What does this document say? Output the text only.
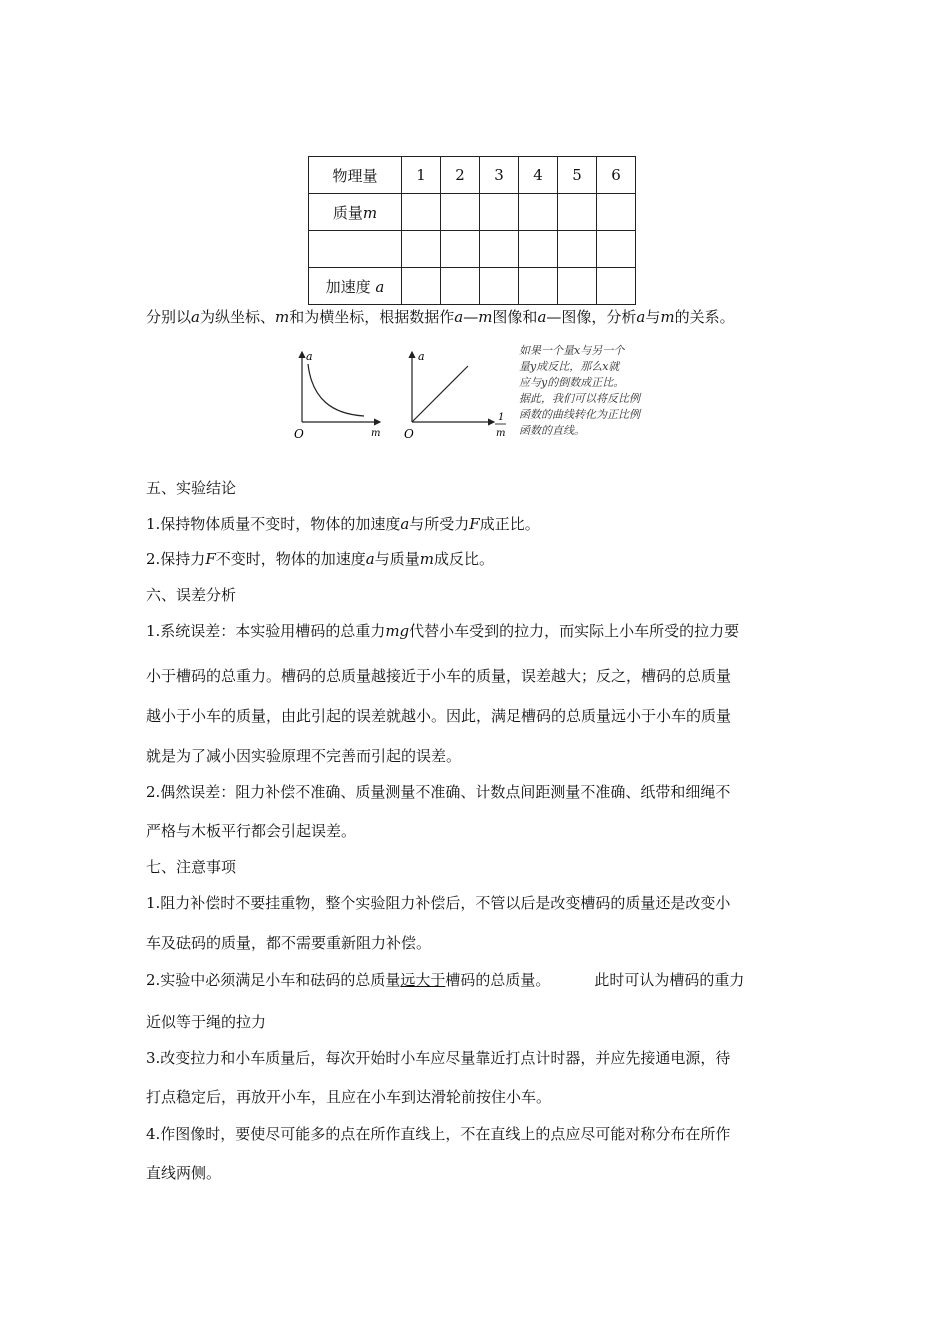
物理量	1	2	3	4	5	6
质量m						

加速度 a						
分别以a为纵坐标、m和为横坐标，根据数据作a—m图像和a—图像，分析a与m的关系。
a
m
O
a
1
m
O
如果一个量x与另一个
量y成反比，那么x就
应与y的倒数成正比。
据此，我们可以将反比例
函数的曲线转化为正比例
函数的直线。
五、实验结论
1.保持物体质量不变时，物体的加速度a与所受力F成正比。
2.保持力F不变时，物体的加速度a与质量m成反比。
六、误差分析
1.系统误差：本实验用槽码的总重力mg代替小车受到的拉力，而实际上小车所受的拉力要
小于槽码的总重力。槽码的总质量越接近于小车的质量，误差越大；反之，槽码的总质量
越小于小车的质量，由此引起的误差就越小。因此，满足槽码的总质量远小于小车的质量
就是为了减小因实验原理不完善而引起的误差。
2.偶然误差：阻力补偿不准确、质量测量不准确、计数点间距测量不准确、纸带和细绳不
严格与木板平行都会引起误差。
七、注意事项
1.阻力补偿时不要挂重物，整个实验阻力补偿后，不管以后是改变槽码的质量还是改变小
车及砝码的质量，都不需要重新阻力补偿。
2.实验中必须满足小车和砝码的总质量远大于槽码的总质量。	此时可认为槽码的重力
近似等于绳的拉力
3.改变拉力和小车质量后，每次开始时小车应尽量靠近打点计时器，并应先接通电源，待
打点稳定后，再放开小车，且应在小车到达滑轮前按住小车。
4.作图像时，要使尽可能多的点在所作直线上，不在直线上的点应尽可能对称分布在所作
直线两侧。
